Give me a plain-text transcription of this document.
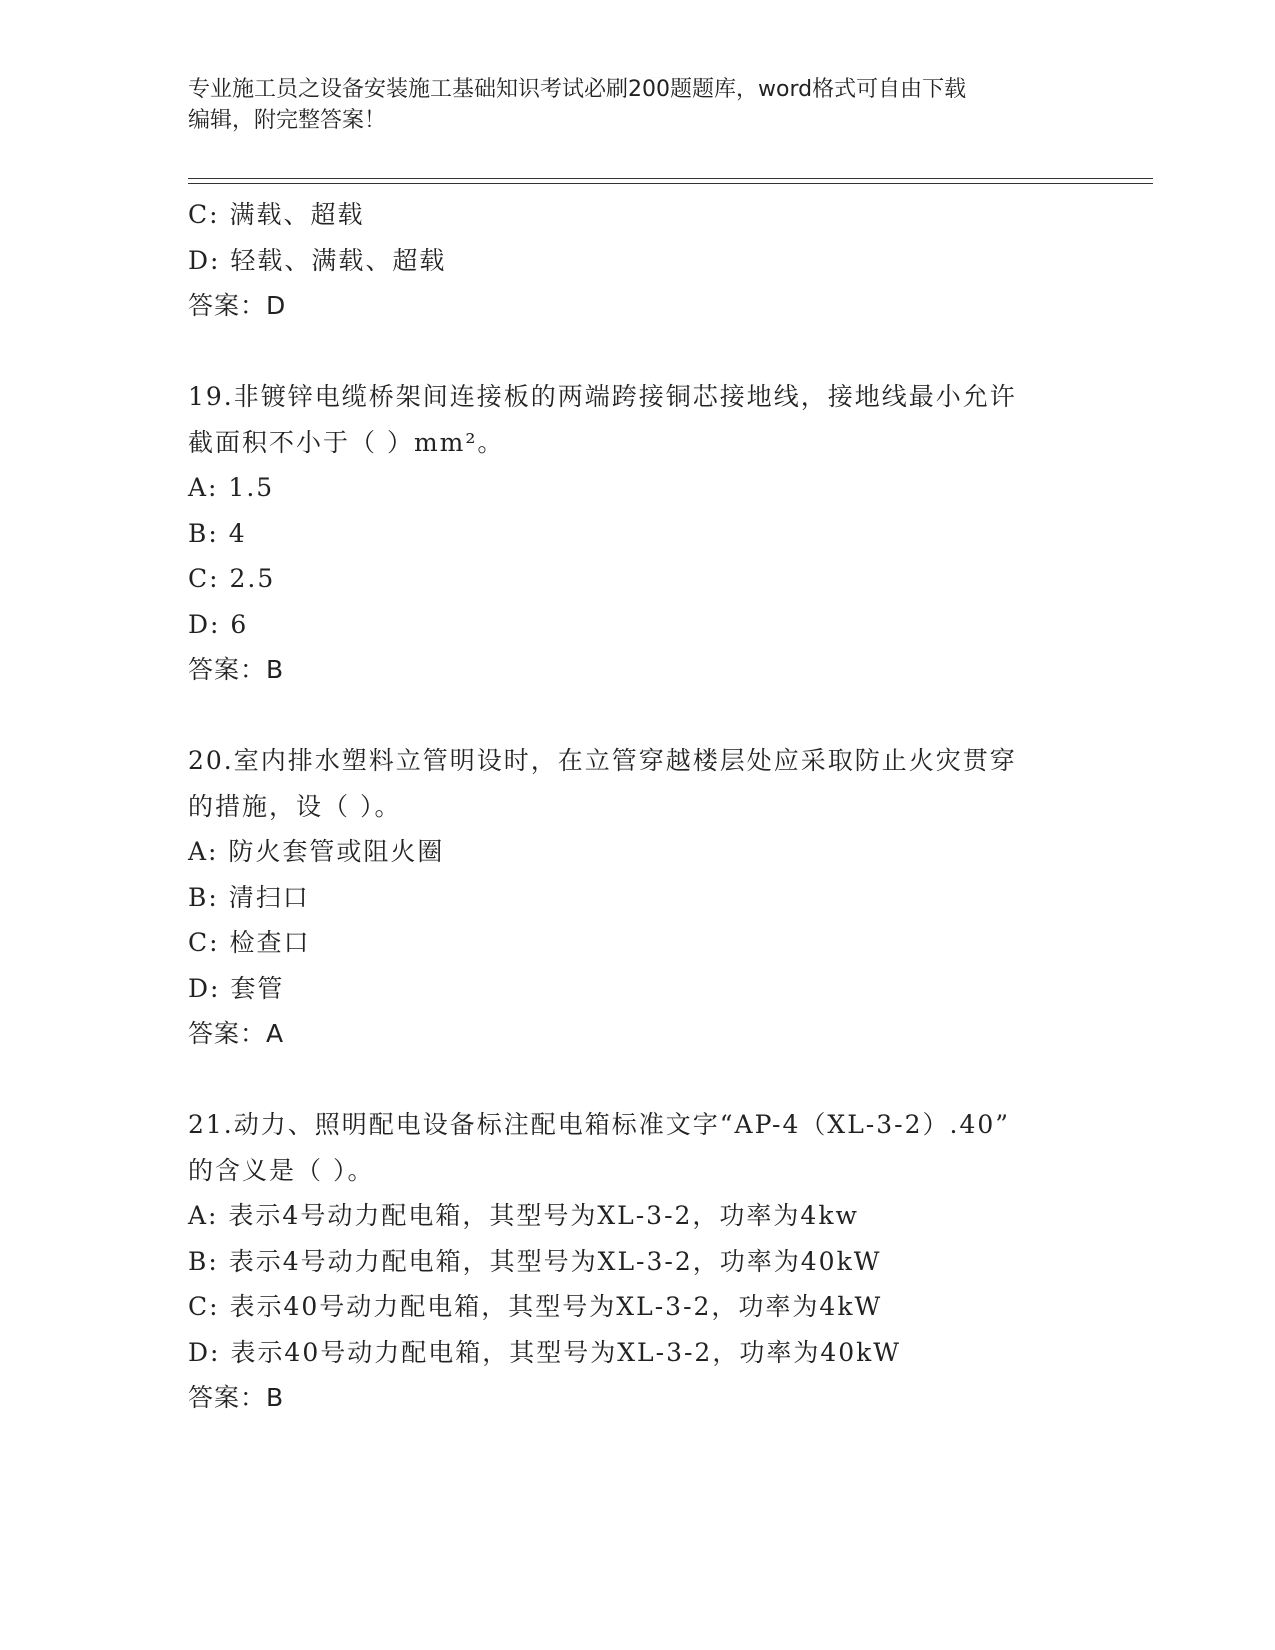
专业施工员之设备安装施工基础知识考试必刷200题题库，word格式可自由下载
编辑，附完整答案！
C: 满载、超载
D: 轻载、满载、超载
答案：D
19.非镀锌电缆桥架间连接板的两端跨接铜芯接地线，接地线最小允许
截面积不小于（ ）mm²。
A: 1.5
B: 4
C: 2.5
D: 6
答案：B
20.室内排水塑料立管明设时，在立管穿越楼层处应采取防止火灾贯穿
的措施，设（ ）。
A: 防火套管或阻火圈
B: 清扫口
C: 检查口
D: 套管
答案：A
21.动力、照明配电设备标注配电箱标准文字“AP-4（XL-3-2）.40”
的含义是（ ）。
A: 表示4号动力配电箱，其型号为XL-3-2，功率为4kw
B: 表示4号动力配电箱，其型号为XL-3-2，功率为40kW
C: 表示40号动力配电箱，其型号为XL-3-2，功率为4kW
D: 表示40号动力配电箱，其型号为XL-3-2，功率为40kW
答案：B
